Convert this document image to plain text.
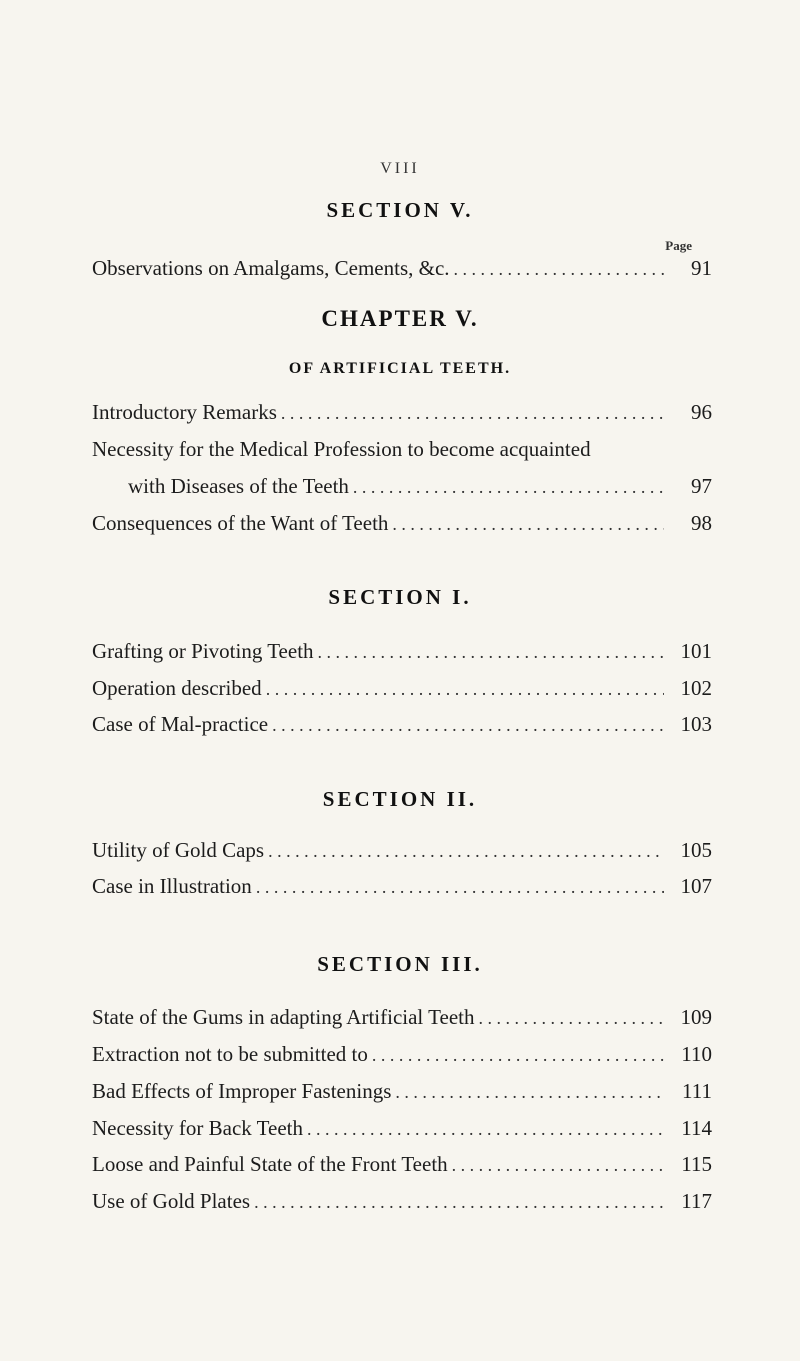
VIII
SECTION V.
Page
Observations on Amalgams, Cements, &c. . . .	91
CHAPTER V.
OF ARTIFICIAL TEETH.
Introductory Remarks . . .	96
Necessity for the Medical Profession to become acquainted
with Diseases of the Teeth . . .	97
Consequences of the Want of Teeth . . .	98
SECTION I.
Grafting or Pivoting Teeth . . .	101
Operation described . . .	102
Case of Mal-practice . . .	103
SECTION II.
Utility of Gold Caps . . .	105
Case in Illustration . . .	107
SECTION III.
State of the Gums in adapting Artificial Teeth . . .	109
Extraction not to be submitted to . . .	110
Bad Effects of Improper Fastenings . . .	111
Necessity for Back Teeth . . .	114
Loose and Painful State of the Front Teeth . . .	115
Use of Gold Plates . . .	117
